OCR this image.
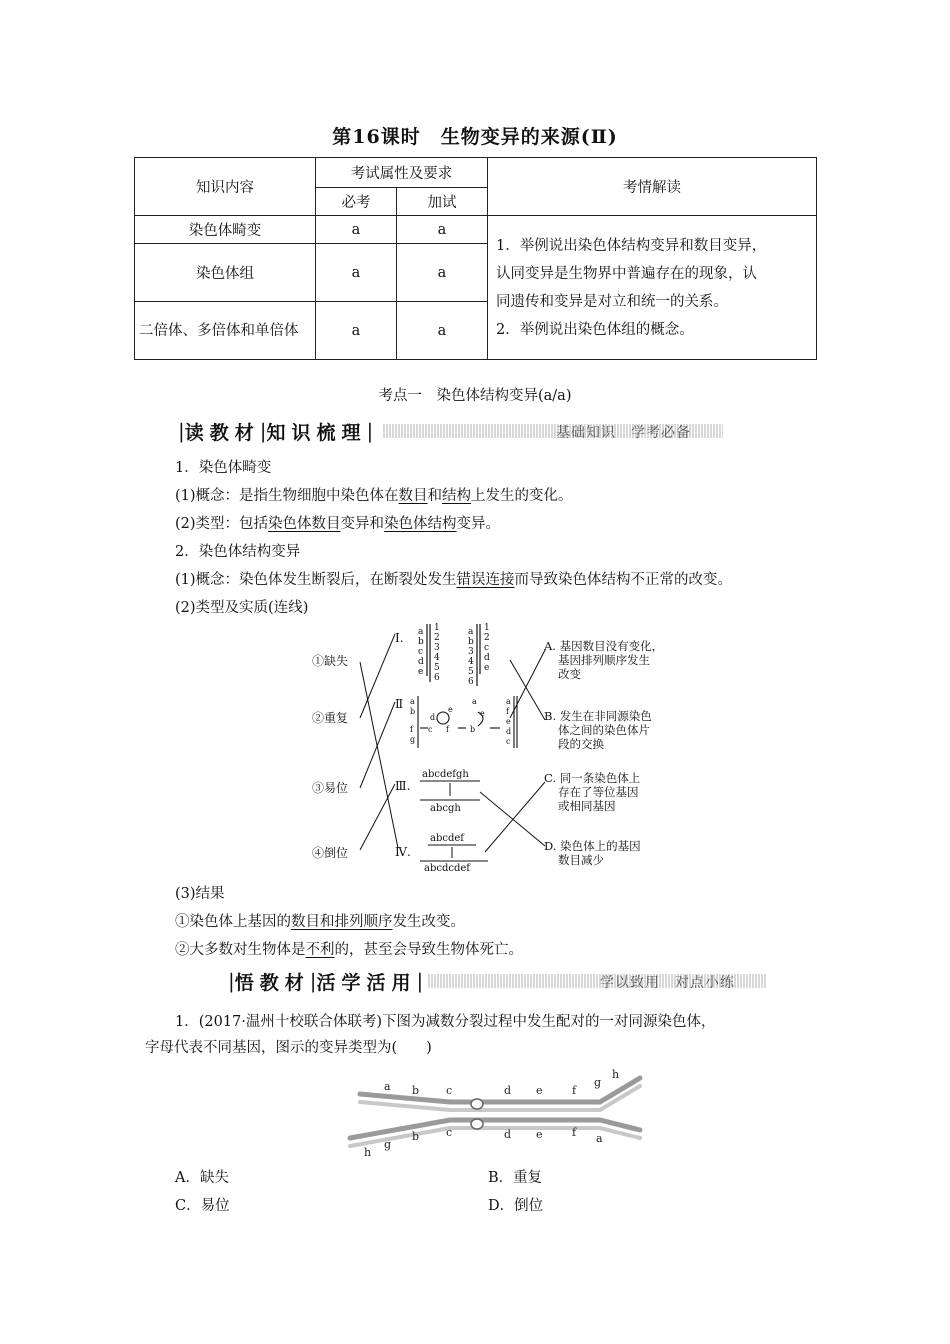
第16课时　生物变异的来源(Ⅱ)
知识内容	考试属性及要求		考情解读
	必考	加试	
染色体畸变	a	a	1．举例说出染色体结构变异和数目变异，
认同变异是生物界中普遍存在的现象，认
同遗传和变异是对立和统一的关系。
2．举例说出染色体组的概念。

染色体组	a	a	
二倍体、多倍体和单倍体	a	a	
考点一　染色体结构变异(a/a)
| 读教材 | 知识梳理 |	基础知识　学考必备
1．染色体畸变
(1)概念：是指生物细胞中染色体在数目和结构上发生的变化。
(2)类型：包括染色体数目变异和染色体结构变异。
2．染色体结构变异
(1)概念：染色体发生断裂后，在断裂处发生错误连接而导致染色体结构不正常的改变。
(2)类型及实质(连线)
①缺失
②重复
③易位
④倒位
Ⅰ.
Ⅱ
Ⅲ.
Ⅳ.
a
b
c
d
e
1
2
3
4
5
6
a
b
3
4
5
6
1
2
c
d
e
a
b
f
g
d
c
e
f
a
b
e
a
f
e
d
c
abcdefgh
abcgh
abcdef
abcdcdef
A. 基因数目没有变化，
基因排列顺序发生
改变
B. 发生在非同源染色
体之间的染色体片
段的交换
C. 同一条染色体上
存在了等位基因
或相同基因
D. 染色体上的基因
数目减少
(3)结果
①染色体上基因的数目和排列顺序发生改变。
②大多数对生物体是不利的，甚至会导致生物体死亡。
| 悟教材 | 活学活用 |	学以致用　对点小练
1．(2017·温州十校联合体联考)下图为减数分裂过程中发生配对的一对同源染色体，
字母代表不同基因，图示的变异类型为(　　)
a b c	d e	f
g
h
h
g
b c	d e	f a
A．缺失	B．重复
C．易位	D．倒位
